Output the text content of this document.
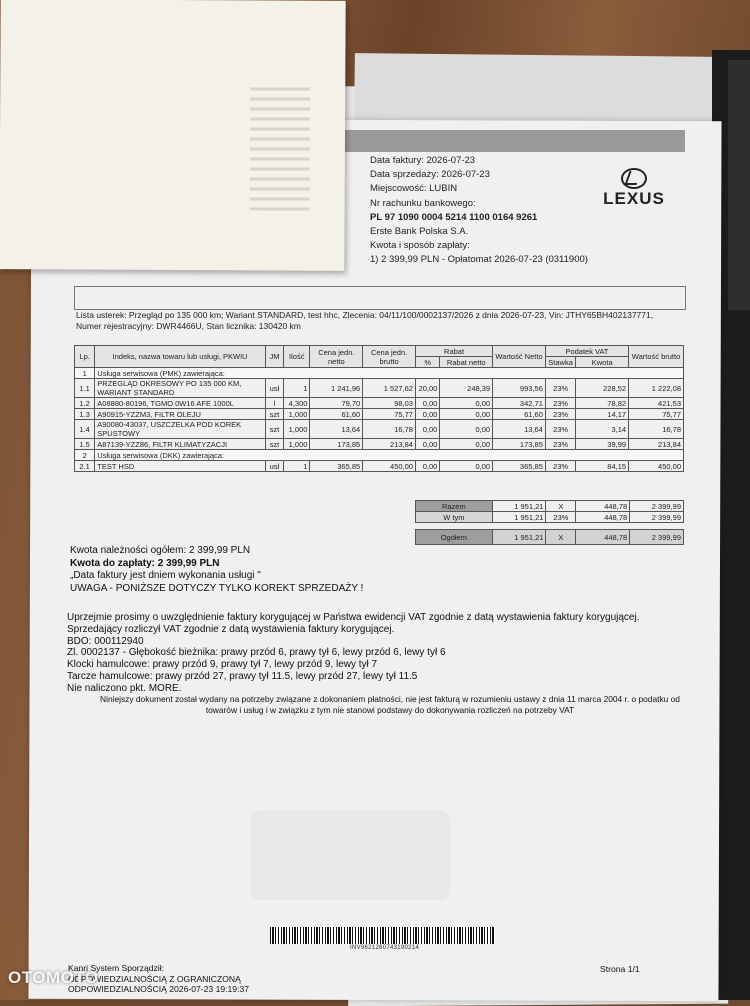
Data faktury: 2026-07-23
Data sprzedaży: 2026-07-23
Miejscowość: LUBIN
Nr rachunku bankowego:
PL 97 1090 0004 5214 1100 0164 9261
Erste Bank Polska S.A.
Kwota i sposób zapłaty:
1) 2 399,99 PLN - Opłatomat 2026-07-23 (0311900)
LEXUS
Lista usterek: Przegląd po 135 000 km; Wariant STANDARD, test hhc, Zlecenia: 04/11/100/0002137/2026 z dnia 2026-07-23, Vin: JTHY65BH402137771,
Numer rejestracyjny: DWR4466U, Stan licznika: 130420 km
Lp.	Indeks, nazwa towaru lub usługi, PKWIU	JM	Ilość	Cena jedn. netto	Cena jedn. brutto	Rabat		Wartość Netto	Podatek VAT		Wartość brutto
						%	Rabat netto		Stawka	Kwota	
1	Usługa serwisowa (PMK) zawierająca:										
1.1	PRZEGLĄD OKRESOWY PO 135 000 KM, WARIANT STANDARD	usł	1	1 241,96	1 527,62	20,00	248,39	993,56	23%	228,52	1 222,08
1.2	A08880-80196, TGMO 0W16 AFE 1000L	l	4,300	79,70	98,03	0,00	0,00	342,71	23%	78,82	421,53
1.3	A90915-YZZM3, FILTR OLEJU	szt	1,000	61,60	75,77	0,00	0,00	61,60	23%	14,17	75,77
1.4	A90080-43037, USZCZELKA POD KOREK SPUSTOWY	szt	1,000	13,64	16,78	0,00	0,00	13,64	23%	3,14	16,78
1.5	A87139-YZZ86, FILTR KLIMATYZACJI	szt	1,000	173,85	213,84	0,00	0,00	173,85	23%	39,99	213,84
2	Usługa serwisowa (DKK) zawierająca:										
2.1	TEST HSD	usł	1	365,85	450,00	0,00	0,00	365,85	23%	84,15	450,00
Razem	1 951,21	X	448,78	2 399,99
W tym	1 951,21	23%	448,78	2 399,99

Ogółem	1 951,21	X	448,78	2 399,99
Kwota należności ogółem: 2 399,99 PLN
Kwota do zapłaty: 2 399,99 PLN
„Data faktury jest dniem wykonania usługi "
UWAGA - PONIŻSZE DOTYCZY TYLKO KOREKT SPRZEDAŻY !
Uprzejmie prosimy o uwzględnienie faktury korygującej w Państwa ewidencji VAT zgodnie z datą wystawienia faktury korygującej.
Sprzedający rozliczył VAT zgodnie z datą wystawienia faktury korygującej.
BDO: 000112940
Zl. 0002137 - Głębokość bieżnika: prawy przód 6, prawy tył 6, lewy przód 6, lewy tył 6
Klocki hamulcowe: prawy przód 9, prawy tył 7, lewy przód 9, lewy tył 7
Tarcze hamulcowe: prawy przód 27, prawy tył 11.5, lewy przód 27, lewy tył 11.5
Nie naliczono pkt. MORE.
Niniejszy dokument został wydany na potrzeby związane z dokonaniem płatności, nie jest fakturą w rozumieniu ustawy z dnia 11 marca 2004 r. o podatku od
towarów i usług i w związku z tym nie stanowi podstawy do dokonywania rozliczeń na potrzeby VAT
INV9621260743190214
Kanri System Sporządził:
ODPOWIEDZIALNOŚCIĄ Z OGRANICZONĄ
ODPOWIEDZIALNOŚCIĄ 2026-07-23 19:19:37
Strona 1/1
OTOMOTO
